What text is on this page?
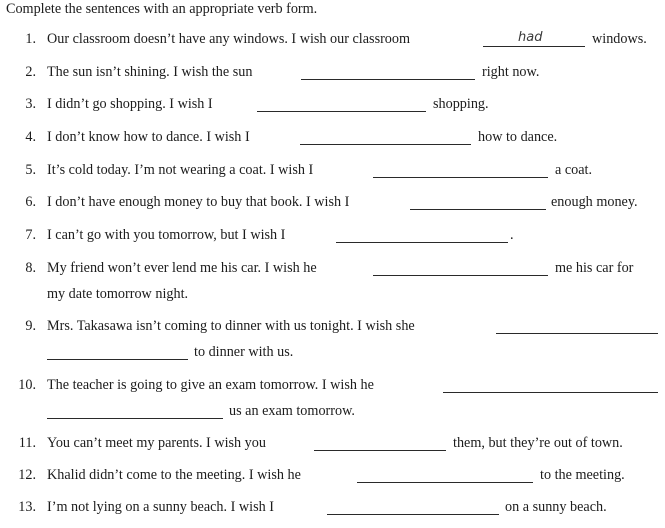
Complete the sentences with an appropriate verb form.
1. Our classroom doesn’t have any windows. I wish our classroom	had	windows.
2. The sun isn’t shining. I wish the sun	right now.
3. I didn’t go shopping. I wish I	shopping.
4. I don’t know how to dance. I wish I	how to dance.
5. It’s cold today. I’m not wearing a coat. I wish I	a coat.
6. I don’t have enough money to buy that book. I wish I	enough money.
7. I can’t go with you tomorrow, but I wish I	.
8. My friend won’t ever lend me his car. I wish he	me his car for
my date tomorrow night.
9. Mrs. Takasawa isn’t coming to dinner with us tonight. I wish she
to dinner with us.
10. The teacher is going to give an exam tomorrow. I wish he
us an exam tomorrow.
11. You can’t meet my parents. I wish you	them, but they’re out of town.
12. Khalid didn’t come to the meeting. I wish he	to the meeting.
13. I’m not lying on a sunny beach. I wish I	on a sunny beach.
